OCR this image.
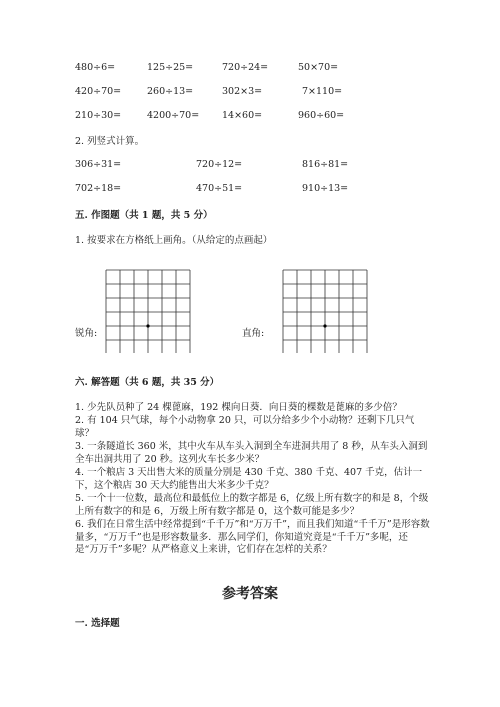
480÷6=	125÷25=	720÷24=	50×70=
420÷70=	260÷13=	302×3=	7×110=
210÷30=	4200÷70= 14×60=	960÷60=
2. 列竖式计算。
306÷31=	720÷12=	816÷81=
702÷18=	470÷51=	910÷13=
五. 作图题（共 1 题，共 5 分）
1. 按要求在方格纸上画角。（从给定的点画起）
锐角:	直角:
六. 解答题（共 6 题，共 35 分）
1. 少先队员种了 24 棵蓖麻，192 棵向日葵．向日葵的棵数是蓖麻的多少倍？
2. 有 104 只气球，每个小动物拿 20 只，可以分给多少个小动物？还剩下几只气球？
3. 一条隧道长 360 米，其中火车从车头入洞到全车进洞共用了 8 秒，从车头入洞到全车出洞共用了 20 秒。这列火车长多少米？
4. 一个粮店 3 天出售大米的质量分别是 430 千克、380 千克、407 千克，估计一下，这个粮店 30 天大约能售出大米多少千克？
5. 一个十一位数，最高位和最低位上的数字都是 6，亿级上所有数字的和是 8，个级上所有数字的和是 6，万级上所有数字都是 0，这个数可能是多少？
6. 我们在日常生活中经常提到“千千万”和“万万千”，而且我们知道“千千万”是形容数量多，“万万千”也是形容数量多．那么同学们，你知道究竟是“千千万”多呢，还是“万万千”多呢？从严格意义上来讲，它们存在怎样的关系？
参考答案
一. 选择题
